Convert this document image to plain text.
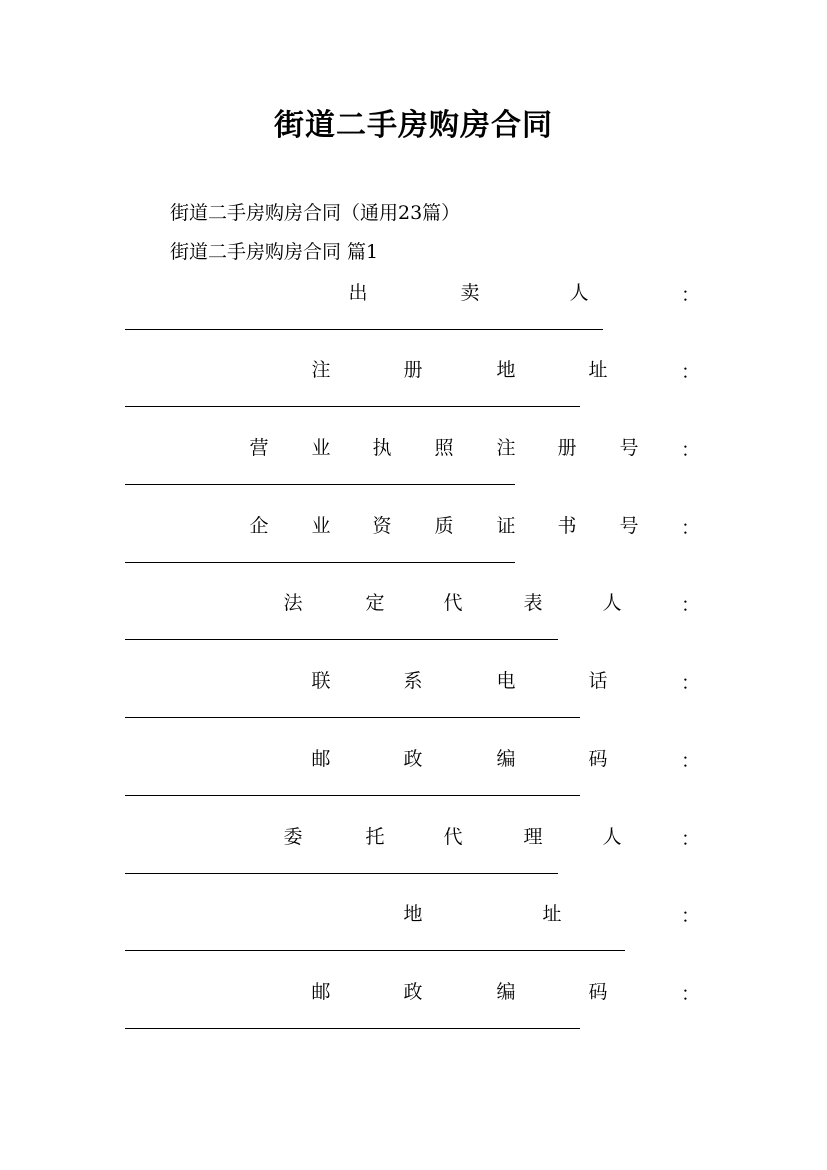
街道二手房购房合同
街道二手房购房合同（通用23篇）
街道二手房购房合同 篇1
出	卖	人	：
注	册	地	址	：
营 业 执 照 注 册 号 ：
企 业 资 质 证 书 号 ：
法	定	代	表	人	：
联	系	电	话	：
邮	政	编	码	：
委	托	代	理	人	：
地	址	：
邮	政	编	码	：
